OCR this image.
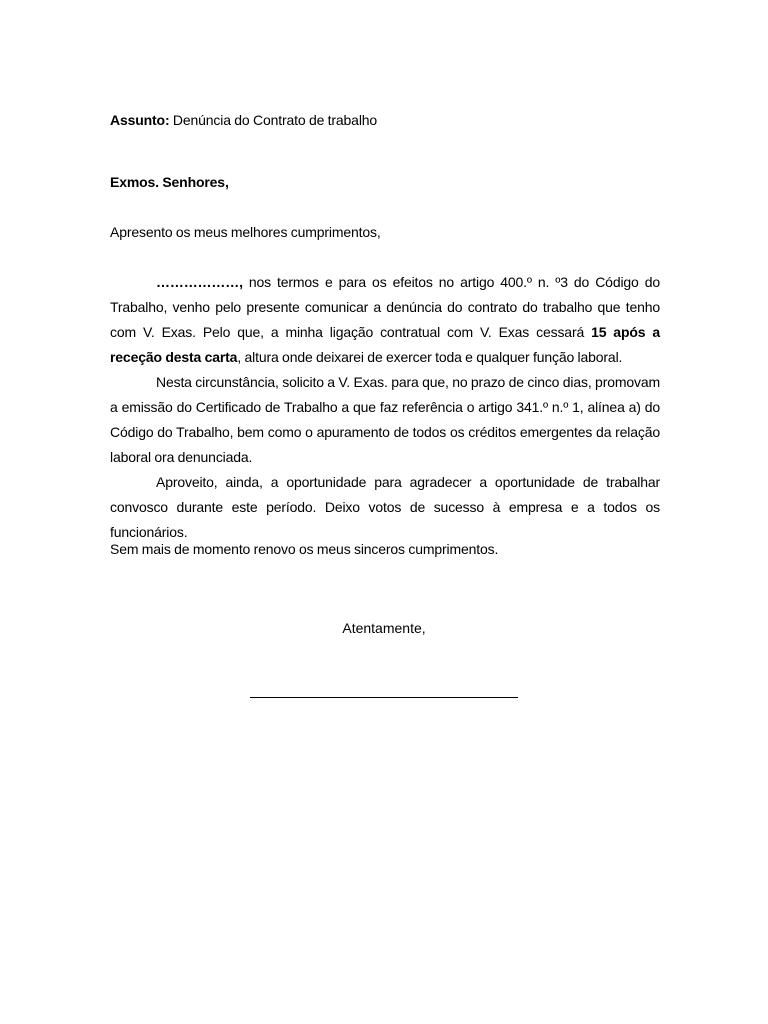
Assunto: Denúncia do Contrato de trabalho

Exmos. Senhores,

Apresento os meus melhores cumprimentos,

………………, nos termos e para os efeitos no artigo 400.º n. º3 do Código do Trabalho, venho pelo presente comunicar a denúncia do contrato do trabalho que tenho com V. Exas. Pelo que, a minha ligação contratual com V. Exas cessará 15 após a receção desta carta, altura onde deixarei de exercer toda e qualquer função laboral.

Nesta circunstância, solicito a V. Exas. para que, no prazo de cinco dias, promovam a emissão do Certificado de Trabalho a que faz referência o artigo 341.º n.º 1, alínea a) do Código do Trabalho, bem como o apuramento de todos os créditos emergentes da relação laboral ora denunciada.

Aproveito, ainda, a oportunidade para agradecer a oportunidade de trabalhar convosco durante este período. Deixo votos de sucesso à empresa e a todos os funcionários.

Sem mais de momento renovo os meus sinceros cumprimentos.

Atentamente,
